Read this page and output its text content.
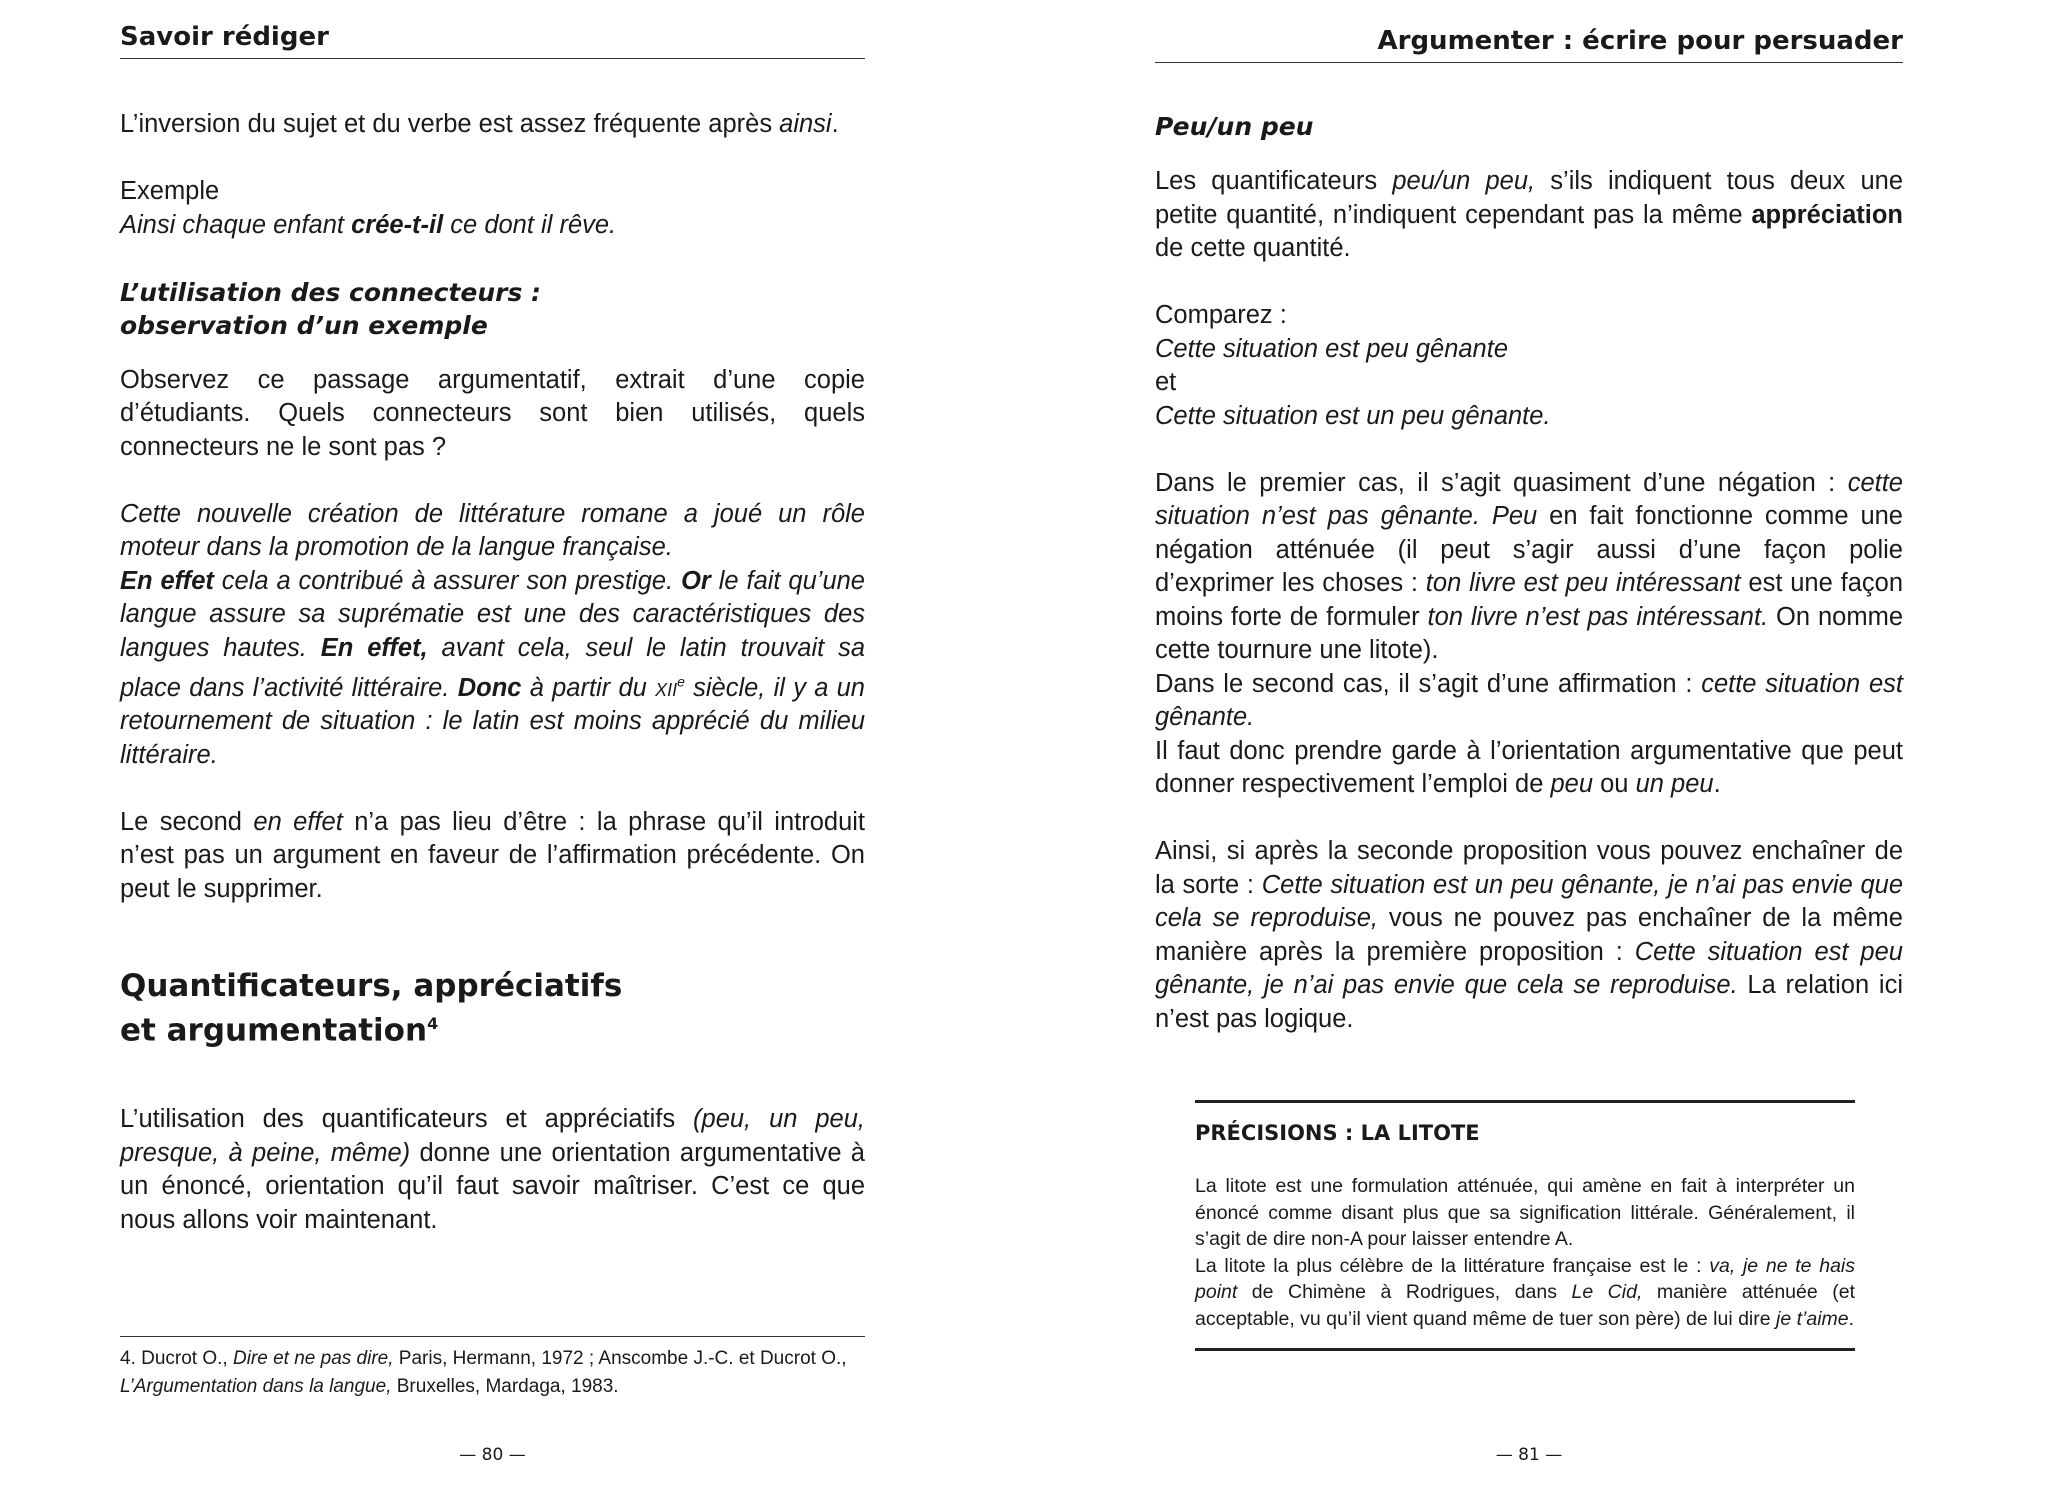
Savoir rédiger

L’inversion du sujet et du verbe est assez fréquente après ainsi.

Exemple

Ainsi chaque enfant crée-t-il ce dont il rêve.

L’utilisation des connecteurs :
observation d’un exemple

Observez ce passage argumentatif, extrait d’une copie d’étudiants. Quels connecteurs sont bien utilisés, quels connecteurs ne le sont pas ?

Cette nouvelle création de littérature romane a joué un rôle moteur dans la promotion de la langue française.
En effet cela a contribué à assurer son prestige. Or le fait qu’une langue assure sa suprématie est une des caractéristiques des langues hautes. En effet, avant cela, seul le latin trouvait sa place dans l’activité littéraire. Donc à partir du xii$^e$ siècle, il y a un retournement de situation : le latin est moins apprécié du milieu littéraire.

Le second en effet n’a pas lieu d’être : la phrase qu’il introduit n’est pas un argument en faveur de l’affirmation précédente. On peut le supprimer.

Quantificateurs, appréciatifs
et argumentation$^4$

L’utilisation des quantificateurs et appréciatifs (peu, un peu, presque, à peine, même) donne une orientation argumentative à un énoncé, orientation qu’il faut savoir maîtriser. C’est ce que nous allons voir maintenant.

4. Ducrot O., Dire et ne pas dire, Paris, Hermann, 1972 ; Anscombe J.-C. et Ducrot O., L’Argumentation dans la langue, Bruxelles, Mardaga, 1983.
— 80 —
Argumenter : écrire pour persuader

Peu/un peu

Les quantificateurs peu/un peu, s’ils indiquent tous deux une petite quantité, n’indiquent cependant pas la même appréciation de cette quantité.

Comparez :

Cette situation est peu gênante

et

Cette situation est un peu gênante.

Dans le premier cas, il s’agit quasiment d’une négation : cette situation n’est pas gênante. Peu en fait fonctionne comme une négation atténuée (il peut s’agir aussi d’une façon polie d’exprimer les choses : ton livre est peu intéressant est une façon moins forte de formuler ton livre n’est pas intéressant. On nomme cette tournure une litote).

Dans le second cas, il s’agit d’une affirmation : cette situation est gênante.

Il faut donc prendre garde à l’orientation argumentative que peut donner respectivement l’emploi de peu ou un peu.

Ainsi, si après la seconde proposition vous pouvez enchaîner de la sorte : Cette situation est un peu gênante, je n’ai pas envie que cela se reproduise, vous ne pouvez pas enchaîner de la même manière après la première proposition : Cette situation est peu gênante, je n’ai pas envie que cela se reproduise. La relation ici n’est pas logique.

PRÉCISIONS : LA LITOTE

La litote est une formulation atténuée, qui amène en fait à interpréter un énoncé comme disant plus que sa signification littérale. Généralement, il s’agit de dire non-A pour laisser entendre A.

La litote la plus célèbre de la littérature française est le : va, je ne te hais point de Chimène à Rodrigues, dans Le Cid, manière atténuée (et acceptable, vu qu’il vient quand même de tuer son père) de lui dire je t’aime.

— 81 —
